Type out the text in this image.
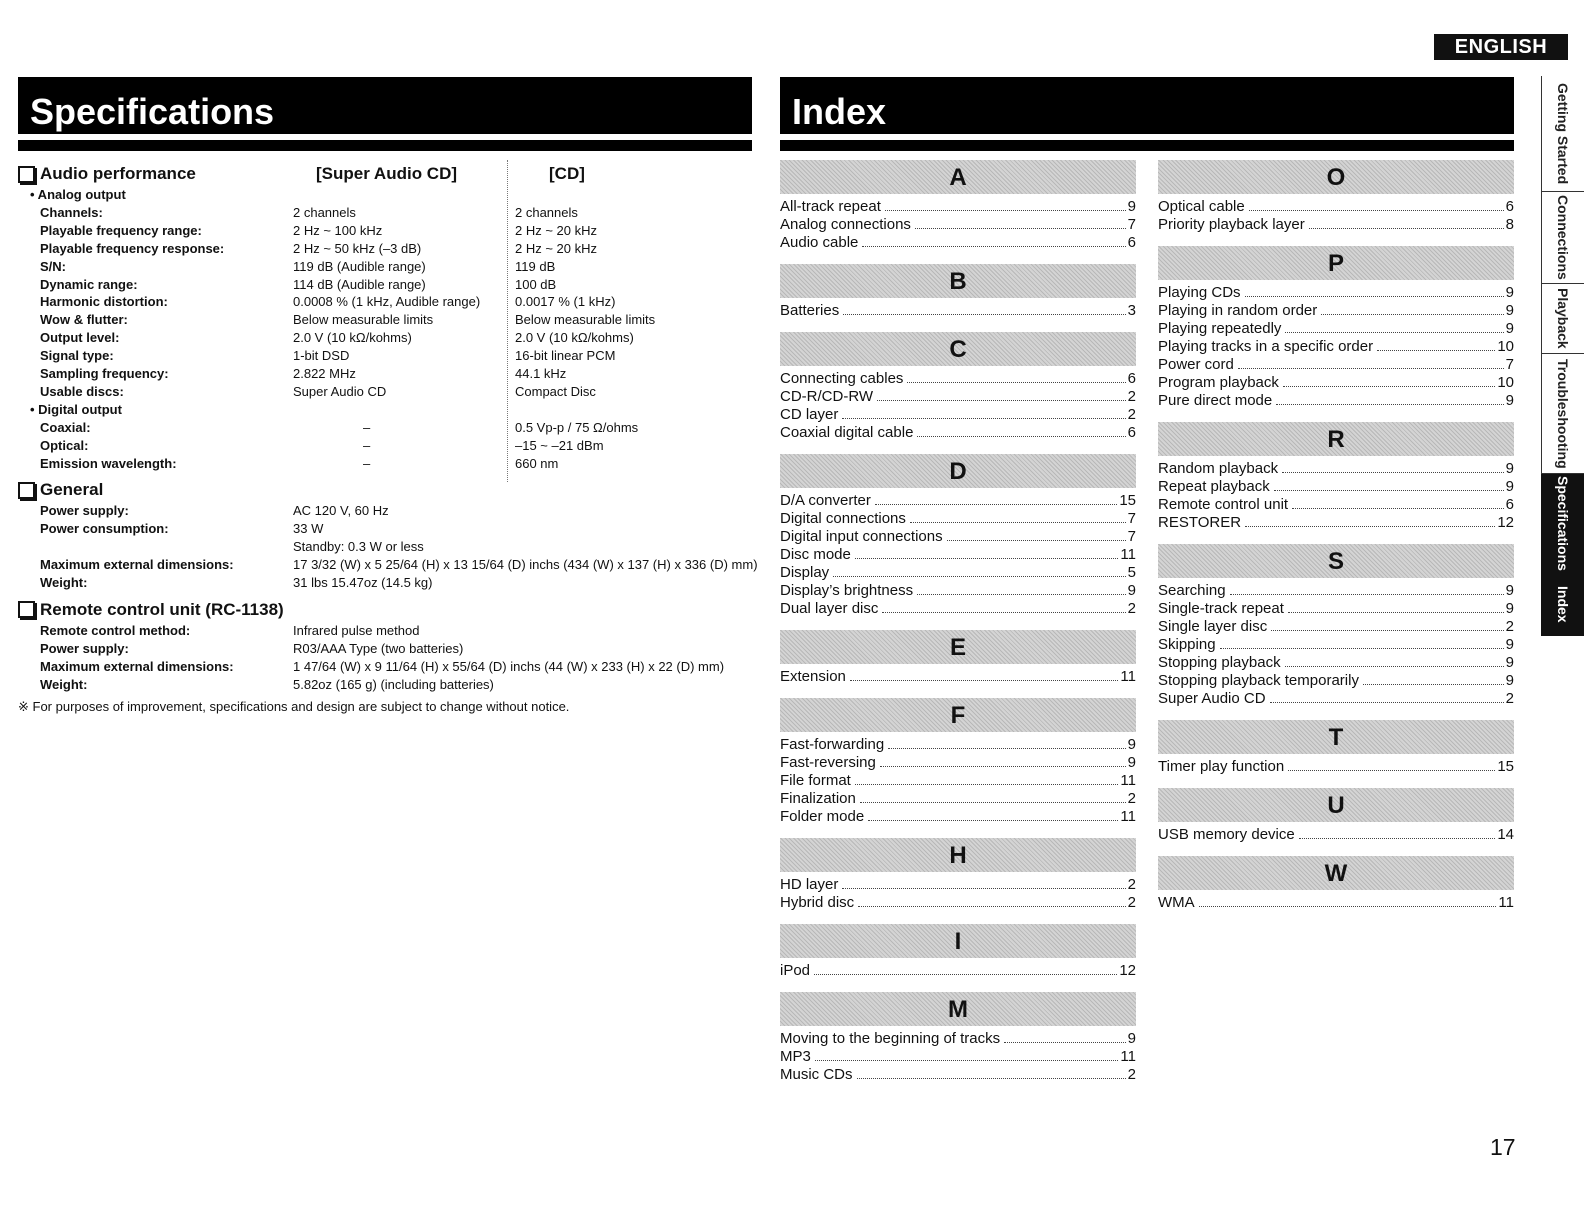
ENGLISH
Specifications	Index
Audio performance	[Super Audio CD]	[CD]
• Analog output
Channels:	2 channels	2 channels
Playable frequency range:	2 Hz ~ 100 kHz	2 Hz ~ 20 kHz
Playable frequency response:	2 Hz ~ 50 kHz (–3 dB)	2 Hz ~ 20 kHz
S/N:	119 dB (Audible range)	119 dB
Dynamic range:	114 dB (Audible range)	100 dB
Harmonic distortion:	0.0008 % (1 kHz, Audible range)	0.0017 % (1 kHz)
Wow & flutter:	Below measurable limits	Below measurable limits
Output level:	2.0 V (10 kΩ/kohms)	2.0 V (10 kΩ/kohms)
Signal type:	1-bit DSD	16-bit linear PCM
Sampling frequency:	2.822 MHz	44.1 kHz
Usable discs:	Super Audio CD	Compact Disc
• Digital output
Coaxial:	–	0.5 Vp-p / 75 Ω/ohms
Optical:	–	–15 ~ –21 dBm
Emission wavelength:	–	660 nm
General
Power supply:	AC 120 V, 60 Hz
Power consumption:	33 W
Standby: 0.3 W or less
Maximum external dimensions:	17 3/32 (W) x 5 25/64 (H) x 13 15/64 (D) inchs (434 (W) x 137 (H) x 336 (D) mm)
Weight:	31 lbs 15.47oz (14.5 kg)
Remote control unit (RC-1138)
Remote control method:	Infrared pulse method
Power supply:	R03/AAA Type (two batteries)
Maximum external dimensions:	1 47/64 (W) x 9 11/64 (H) x 55/64 (D) inchs (44 (W) x 233 (H) x 22 (D) mm)
Weight:	5.82oz (165 g) (including batteries)
※ For purposes of improvement, specifications and design are subject to change without notice.
A
All-track repeat	9
Analog connections	7
Audio cable	6
B
Batteries	3
C
Connecting cables	6
CD-R/CD-RW	2
CD layer	2
Coaxial digital cable	6
D
D/A converter	15
Digital connections	7
Digital input connections	7
Disc mode	11
Display	5
Display’s brightness	9
Dual layer disc	2
E
Extension	11
F
Fast-forwarding	9
Fast-reversing	9
File format	11
Finalization	2
Folder mode	11
H
HD layer	2
Hybrid disc	2
I
iPod	12
M
Moving to the beginning of tracks	9
MP3	11
Music CDs	2
O
Optical cable	6
Priority playback layer	8
P
Playing CDs	9
Playing in random order	9
Playing repeatedly	9
Playing tracks in a specific order	10
Power cord	7
Program playback	10
Pure direct mode	9
R
Random playback	9
Repeat playback	9
Remote control unit	6
RESTORER	12
S
Searching	9
Single-track repeat	9
Single layer disc	2
Skipping	9
Stopping playback	9
Stopping playback temporarily	9
Super Audio CD	2
T
Timer play function	15
U
USB memory device	14
W
WMA	11
Getting Started
Connections
Playback
Troubleshooting
Specifications
Index
17
